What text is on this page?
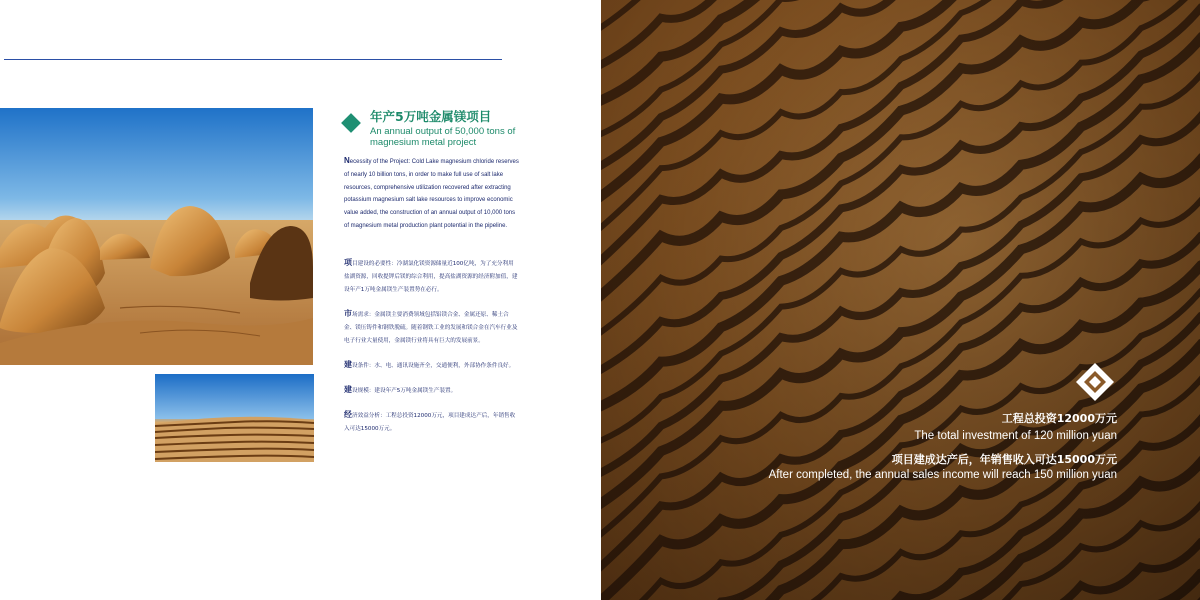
年产5万吨金属镁项目
An annual output of 50,000 tons of magnesium metal project
Necessity of the Project: Cold Lake magnesium chloride reserves of nearly 10 billion tons, in order to make full use of salt lake resources, comprehensive utilization recovered after extracting potassium magnesium salt lake resources to improve economic value added, the construction of an annual output of 10,000 tons of magnesium metal production plant potential in the pipeline.
项目建设的必要性：冷湖氯化镁资源储量近100亿吨，为了充分利用盐湖资源，回收提钾后镁的综合利用，提高盐湖资源的经济附加值，建设年产1万吨金属镁生产装置势在必行。
市场需求：金属镁主要消费领域包括铝镁合金、金属还原、稀土合金、镁压铸件和钢铁脱硫。随着钢铁工业的发展和镁合金在汽车行业及电子行业大量使用，金属镁行业将具有巨大的发展前景。
建设条件：水、电、通讯设施齐全，交通便利，外部协作条件良好。
建设规模：建设年产5万吨金属镁生产装置。
经济效益分析：工程总投资12000万元，项目建成达产后，年销售收入可达15000万元。
工程总投资12000万元
The total investment of 120 million yuan
项目建成达产后，年销售收入可达15000万元
After completed, the annual sales income will reach 150 million yuan
